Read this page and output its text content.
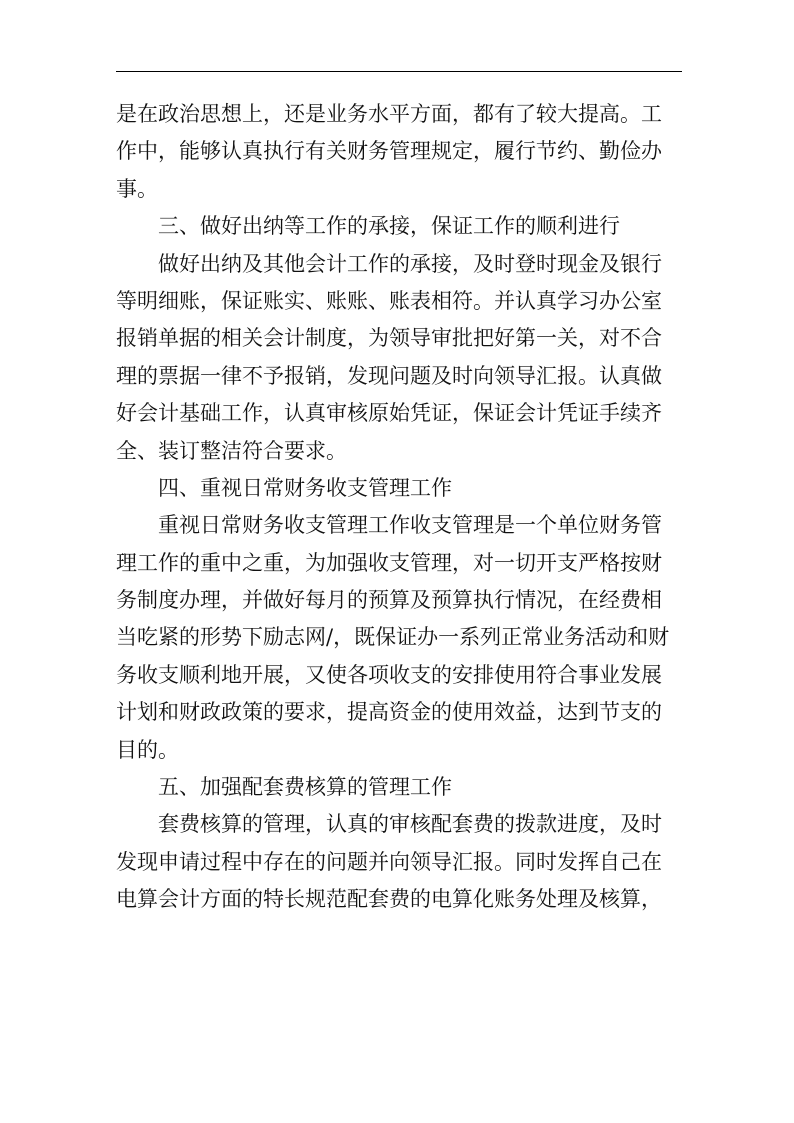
是在政治思想上，还是业务水平方面，都有了较大提高。工
作中，能够认真执行有关财务管理规定，履行节约、勤俭办
事。
三、做好出纳等工作的承接，保证工作的顺利进行
做好出纳及其他会计工作的承接，及时登时现金及银行
等明细账，保证账实、账账、账表相符。并认真学习办公室
报销单据的相关会计制度，为领导审批把好第一关，对不合
理的票据一律不予报销，发现问题及时向领导汇报。认真做
好会计基础工作，认真审核原始凭证，保证会计凭证手续齐
全、装订整洁符合要求。
四、重视日常财务收支管理工作
重视日常财务收支管理工作收支管理是一个单位财务管
理工作的重中之重，为加强收支管理，对一切开支严格按财
务制度办理，并做好每月的预算及预算执行情况，在经费相
当吃紧的形势下励志网/，既保证办一系列正常业务活动和财
务收支顺利地开展，又使各项收支的安排使用符合事业发展
计划和财政政策的要求，提高资金的使用效益，达到节支的
目的。
五、加强配套费核算的管理工作
套费核算的管理，认真的审核配套费的拨款进度，及时
发现申请过程中存在的问题并向领导汇报。同时发挥自己在
电算会计方面的特长规范配套费的电算化账务处理及核算，
